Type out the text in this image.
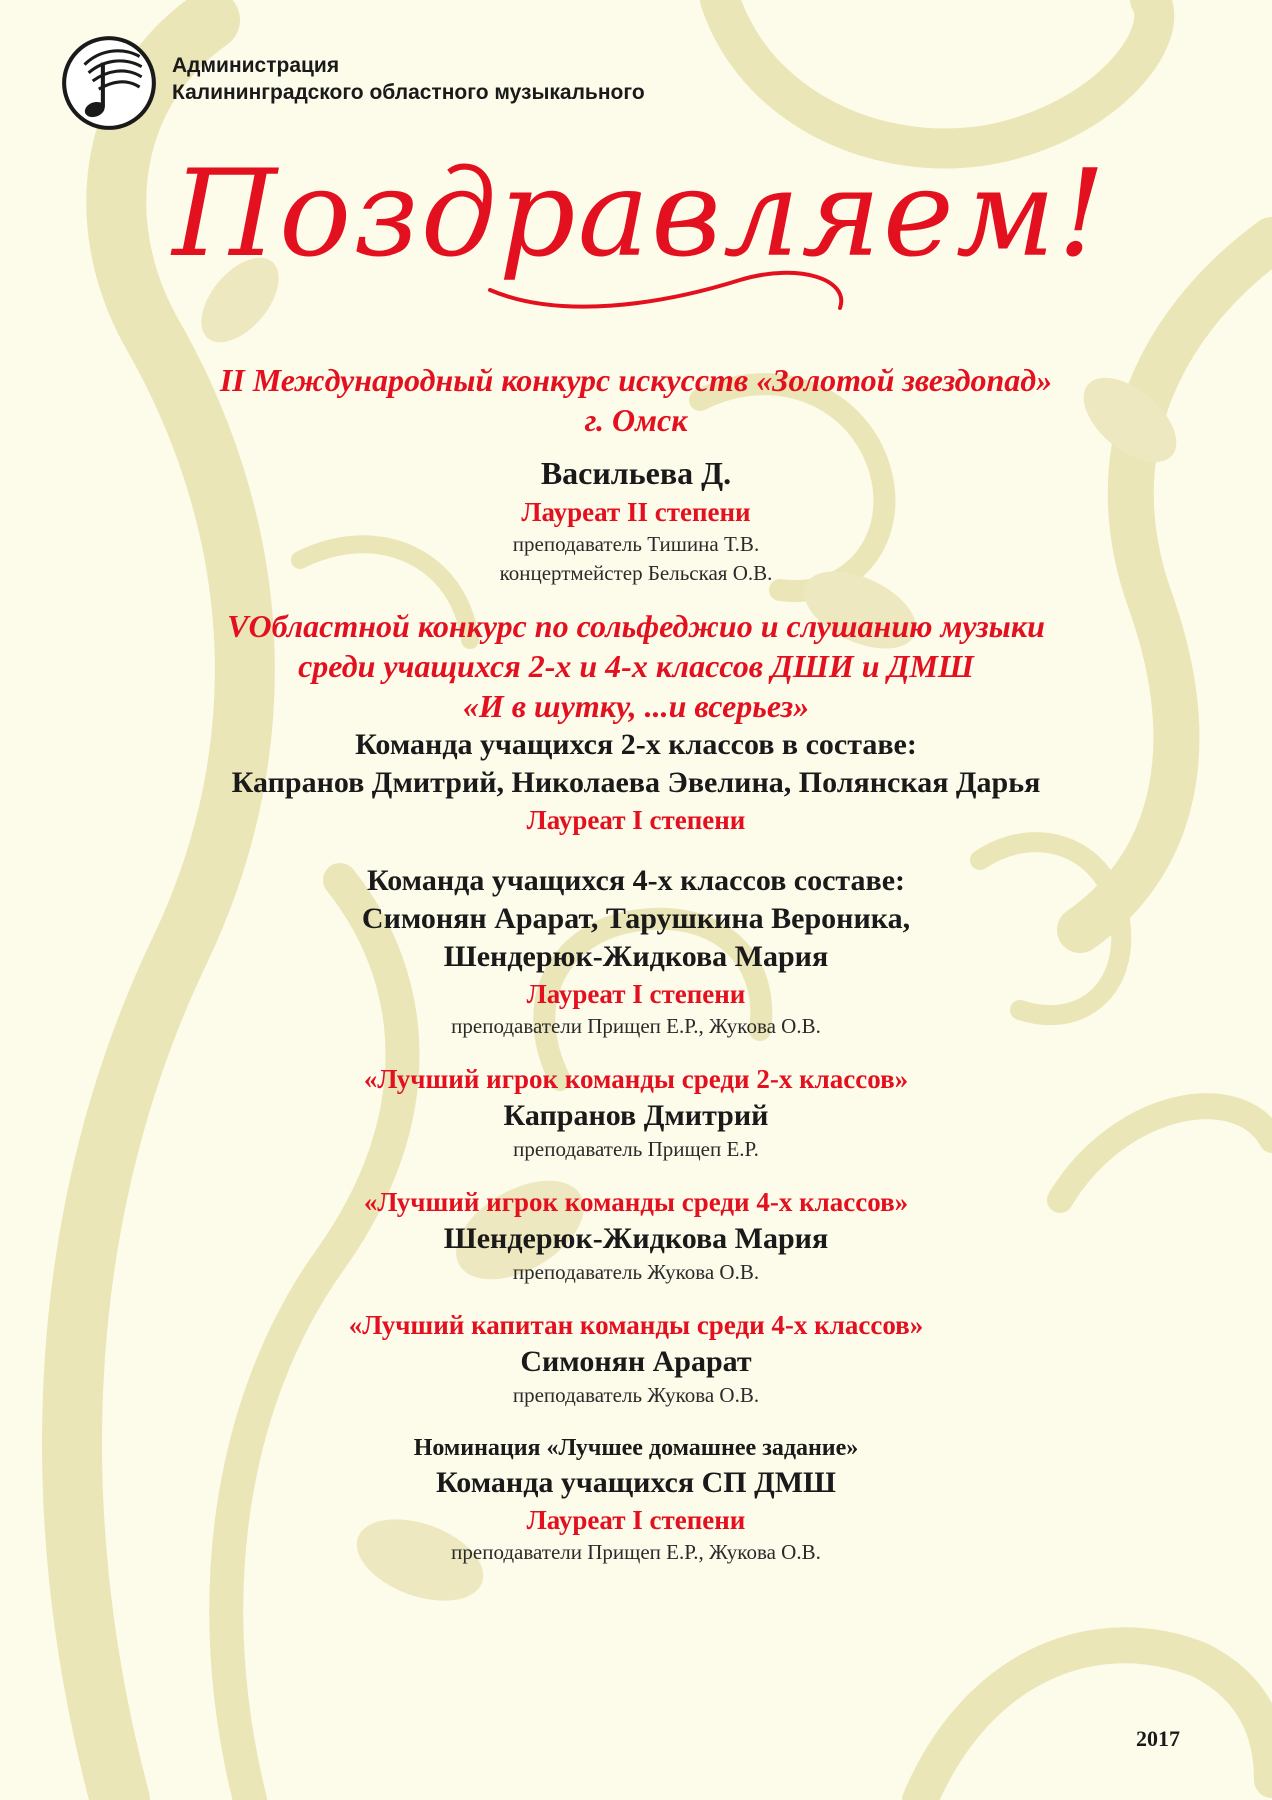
Администрация
Калининградского областного музыкального
Поздравляем!
II Международный конкурс искусств «Золотой звездопад»
г. Омск
Васильева Д.
Лауреат II степени
преподаватель Тишина Т.В.
концертмейстер Бельская О.В.
VОбластной конкурс по сольфеджио и слушанию музыки
среди учащихся 2-х и 4-х классов ДШИ и ДМШ
«И в шутку, ...и всерьез»
Команда учащихся 2-х классов в составе:
Капранов Дмитрий, Николаева Эвелина, Полянская Дарья
Лауреат I степени
Команда учащихся 4-х классов составе:
Симонян Арарат, Тарушкина Вероника,
Шендерюк-Жидкова Мария
Лауреат I степени
преподаватели Прищеп Е.Р., Жукова О.В.
«Лучший игрок команды среди 2-х классов»
Капранов Дмитрий
преподаватель Прищеп Е.Р.
«Лучший игрок команды среди 4-х классов»
Шендерюк-Жидкова Мария
преподаватель Жукова О.В.
«Лучший капитан команды среди 4-х классов»
Симонян Арарат
преподаватель Жукова О.В.
Номинация «Лучшее домашнее задание»
Команда учащихся СП ДМШ
Лауреат I степени
преподаватели Прищеп Е.Р., Жукова О.В.
2017
